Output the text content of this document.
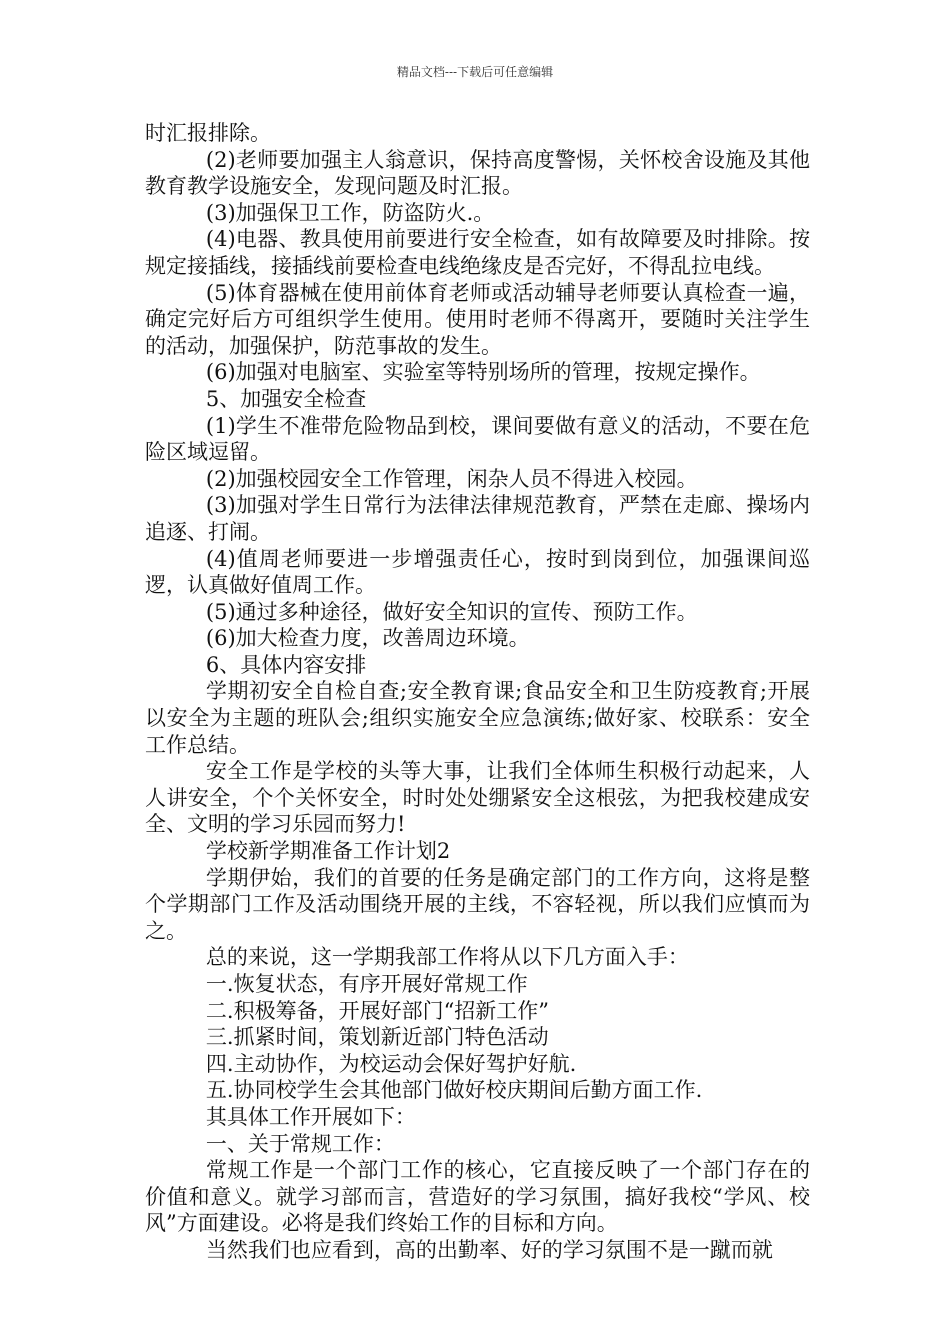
精品文档---下载后可任意编辑

时汇报排除。

(2)老师要加强主人翁意识，保持高度警惕，关怀校舍设施及其他教育教学设施安全，发现问题及时汇报。

(3)加强保卫工作，防盗防火.。

(4)电器、教具使用前要进行安全检查，如有故障要及时排除。按规定接插线，接插线前要检查电线绝缘皮是否完好，不得乱拉电线。

(5)体育器械在使用前体育老师或活动辅导老师要认真检查一遍，确定完好后方可组织学生使用。使用时老师不得离开，要随时关注学生的活动，加强保护，防范事故的发生。

(6)加强对电脑室、实验室等特别场所的管理，按规定操作。

5、加强安全检查

(1)学生不准带危险物品到校，课间要做有意义的活动，不要在危险区域逗留。

(2)加强校园安全工作管理，闲杂人员不得进入校园。

(3)加强对学生日常行为法律法律规范教育，严禁在走廊、操场内追逐、打闹。

(4)值周老师要进一步增强责任心，按时到岗到位，加强课间巡逻，认真做好值周工作。

(5)通过多种途径，做好安全知识的宣传、预防工作。

(6)加大检查力度，改善周边环境。

6、具体内容安排

学期初安全自检自查;安全教育课;食品安全和卫生防疫教育;开展以安全为主题的班队会;组织实施安全应急演练;做好家、校联系：安全工作总结。

安全工作是学校的头等大事，让我们全体师生积极行动起来，人人讲安全，个个关怀安全，时时处处绷紧安全这根弦，为把我校建成安全、文明的学习乐园而努力!

学校新学期准备工作计划2

学期伊始，我们的首要的任务是确定部门的工作方向，这将是整个学期部门工作及活动围绕开展的主线，不容轻视，所以我们应慎而为之。

总的来说，这一学期我部工作将从以下几方面入手：

一.恢复状态，有序开展好常规工作

二.积极筹备，开展好部门“招新工作”

三.抓紧时间，策划新近部门特色活动

四.主动协作，为校运动会保好驾护好航.

五.协同校学生会其他部门做好校庆期间后勤方面工作.

其具体工作开展如下：

一、关于常规工作：

常规工作是一个部门工作的核心，它直接反映了一个部门存在的价值和意义。就学习部而言，营造好的学习氛围，搞好我校“学风、校风”方面建设。必将是我们终始工作的目标和方向。

当然我们也应看到，高的出勤率、好的学习氛围不是一蹴而就
